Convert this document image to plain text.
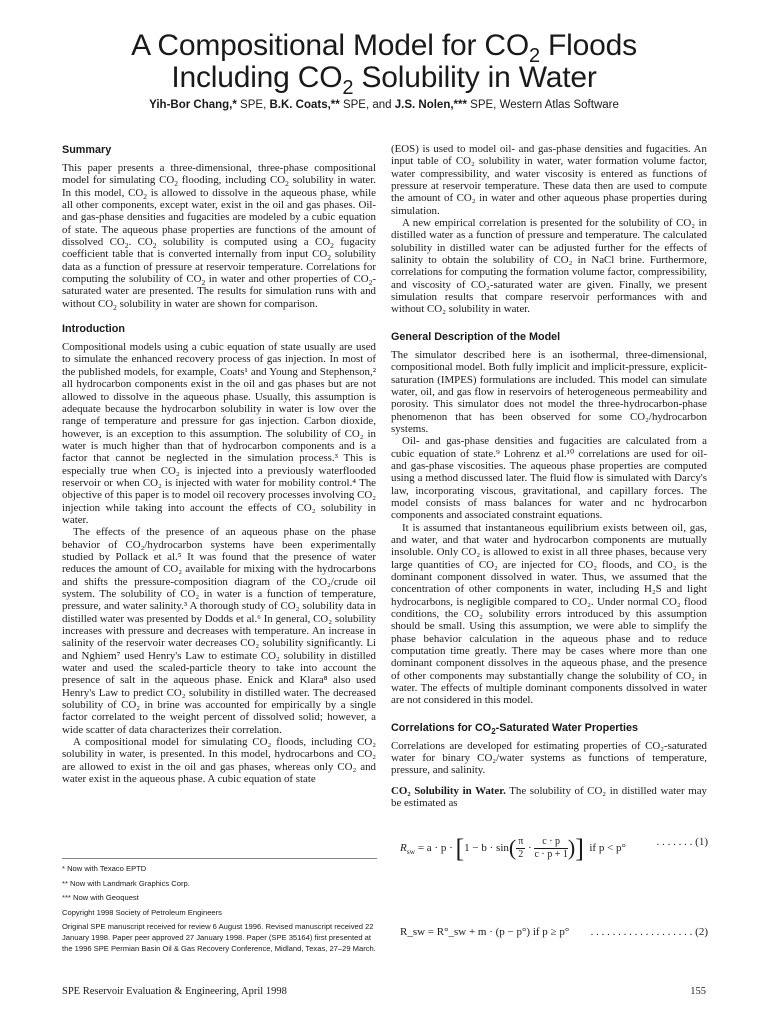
A Compositional Model for $CO_2$ Floods
Including $CO_2$ Solubility in Water
Yih-Bor Chang,* SPE, B.K. Coats,** SPE, and J.S. Nolen,*** SPE, Western Atlas Software
Summary

This paper presents a three-dimensional, three-phase compositional model for simulating $CO_2$ flooding, including $CO_2$ solubility in water. In this model, $CO_2$ is allowed to dissolve in the aqueous phase, while all other components, except water, exist in the oil and gas phases. Oil- and gas-phase densities and fugacities are modeled by a cubic equation of state. The aqueous phase properties are functions of the amount of dissolved $CO_2$. $CO_2$ solubility is computed using a $CO_2$ fugacity coefficient table that is converted internally from input $CO_2$ solubility data as a function of pressure at reservoir temperature. Correlations for computing the solubility of $CO_2$ in water and other properties of $CO_2$-saturated water are presented. The results for simulation runs with and without $CO_2$ solubility in water are shown for comparison.

Introduction

Compositional models using a cubic equation of state usually are used to simulate the enhanced recovery process of gas injection. In most of the published models, for example, Coats¹ and Young and Stephenson,² all hydrocarbon components exist in the oil and gas phases but are not allowed to dissolve in the aqueous phase. Usually, this assumption is adequate because the hydrocarbon solubility in water is low over the range of temperature and pressure for gas injection. Carbon dioxide, however, is an exception to this assumption. The solubility of CO₂ in water is much higher than that of hydrocarbon components and is a factor that cannot be neglected in the simulation process.³ This is especially true when CO₂ is injected into a previously waterflooded reservoir or when CO₂ is injected with water for mobility control.⁴ The objective of this paper is to model oil recovery processes involving CO₂ injection while taking into account the effects of CO₂ solubility in water.

The effects of the presence of an aqueous phase on the phase behavior of CO₂/hydrocarbon systems have been experimentally studied by Pollack et al.⁵ It was found that the presence of water reduces the amount of CO₂ available for mixing with the hydrocarbons and shifts the pressure-composition diagram of the CO₂/crude oil system. The solubility of CO₂ in water is a function of temperature, pressure, and water salinity.³ A thorough study of CO₂ solubility data in distilled water was presented by Dodds et al.⁶ In general, CO₂ solubility increases with pressure and decreases with temperature. An increase in salinity of the reservoir water decreases CO₂ solubility significantly. Li and Nghiem⁷ used Henry's Law to estimate CO₂ solubility in distilled water and used the scaled-particle theory to take into account the presence of salt in the aqueous phase. Enick and Klara⁸ also used Henry's Law to predict CO₂ solubility in distilled water. The decreased solubility of CO₂ in brine was accounted for empirically by a single factor correlated to the weight percent of dissolved solid; however, a wide scatter of data characterizes their correlation.

A compositional model for simulating CO₂ floods, including CO₂ solubility in water, is presented. In this model, hydrocarbons and CO₂ are allowed to exist in the oil and gas phases, whereas only CO₂ and water exist in the aqueous phase. A cubic equation of state

(EOS) is used to model oil- and gas-phase densities and fugacities. An input table of CO₂ solubility in water, water formation volume factor, water compressibility, and water viscosity is entered as functions of pressure at reservoir temperature. These data then are used to compute the amount of CO₂ in water and other aqueous phase properties during simulation.

A new empirical correlation is presented for the solubility of CO₂ in distilled water as a function of pressure and temperature. The calculated solubility in distilled water can be adjusted further for the effects of salinity to obtain the solubility of CO₂ in NaCl brine. Furthermore, correlations for computing the formation volume factor, compressibility, and viscosity of CO₂-saturated water are given. Finally, we present simulation results that compare reservoir performances with and without CO₂ solubility in water.

General Description of the Model

The simulator described here is an isothermal, three-dimensional, compositional model. Both fully implicit and implicit-pressure, explicit-saturation (IMPES) formulations are included. This model can simulate water, oil, and gas flow in reservoirs of heterogeneous permeability and porosity. This simulator does not model the three-hydrocarbon-phase phenomenon that has been observed for some CO₂/hydrocarbon systems.

Oil- and gas-phase densities and fugacities are calculated from a cubic equation of state.⁹ Lohrenz et al.¹⁰ correlations are used for oil- and gas-phase viscosities. The aqueous phase properties are computed using a method discussed later. The fluid flow is simulated with Darcy's law, incorporating viscous, gravitational, and capillary forces. The model consists of mass balances for water and nc hydrocarbon components and associated constraint equations.

It is assumed that instantaneous equilibrium exists between oil, gas, and water, and that water and hydrocarbon components are mutually insoluble. Only CO₂ is allowed to exist in all three phases, because very large quantities of CO₂ are injected for CO₂ floods, and CO₂ is the dominant component dissolved in water. Thus, we assumed that the concentration of other components in water, including H₂S and light hydrocarbons, is negligible compared to CO₂. Under normal CO₂ flood conditions, the CO₂ solubility errors introduced by this assumption should be small. Using this assumption, we were able to simplify the phase behavior calculation in the aqueous phase and to reduce computation time greatly. There may be cases where more than one dominant component dissolves in the aqueous phase, and the presence of other components may substantially change the solubility of CO₂ in water. The effects of multiple dominant components dissolved in water are not considered in this model.

Correlations for $CO_2$-Saturated Water Properties

Correlations are developed for estimating properties of CO₂-saturated water for binary CO₂/water systems as functions of temperature, pressure, and salinity.

CO₂ Solubility in Water. The solubility of CO₂ in distilled water may be estimated as

$R_{sw} = a \cdot p \cdot [1 - b \cdot \sin( \frac{\pi}{2} \cdot \frac{c \cdot p}{c \cdot p + 1}$ )] if p < p°
. . . . . . . (1)
R_sw = R°_sw + m · (p − p°) if p ≥ p° . . . . . . . . . . . . . . . . . . . (2)
* Now with Texaco EPTD
** Now with Landmark Graphics Corp.
*** Now with Geoquest
Copyright 1998 Society of Petroleum Engineers
Original SPE manuscript received for review 6 August 1996. Revised manuscript received 22 January 1998. Paper peer approved 27 January 1998. Paper (SPE 35164) first presented at the 1996 SPE Permian Basin Oil & Gas Recovery Conference, Midland, Texas, 27–29 March.
SPE Reservoir Evaluation & Engineering, April 1998	155
